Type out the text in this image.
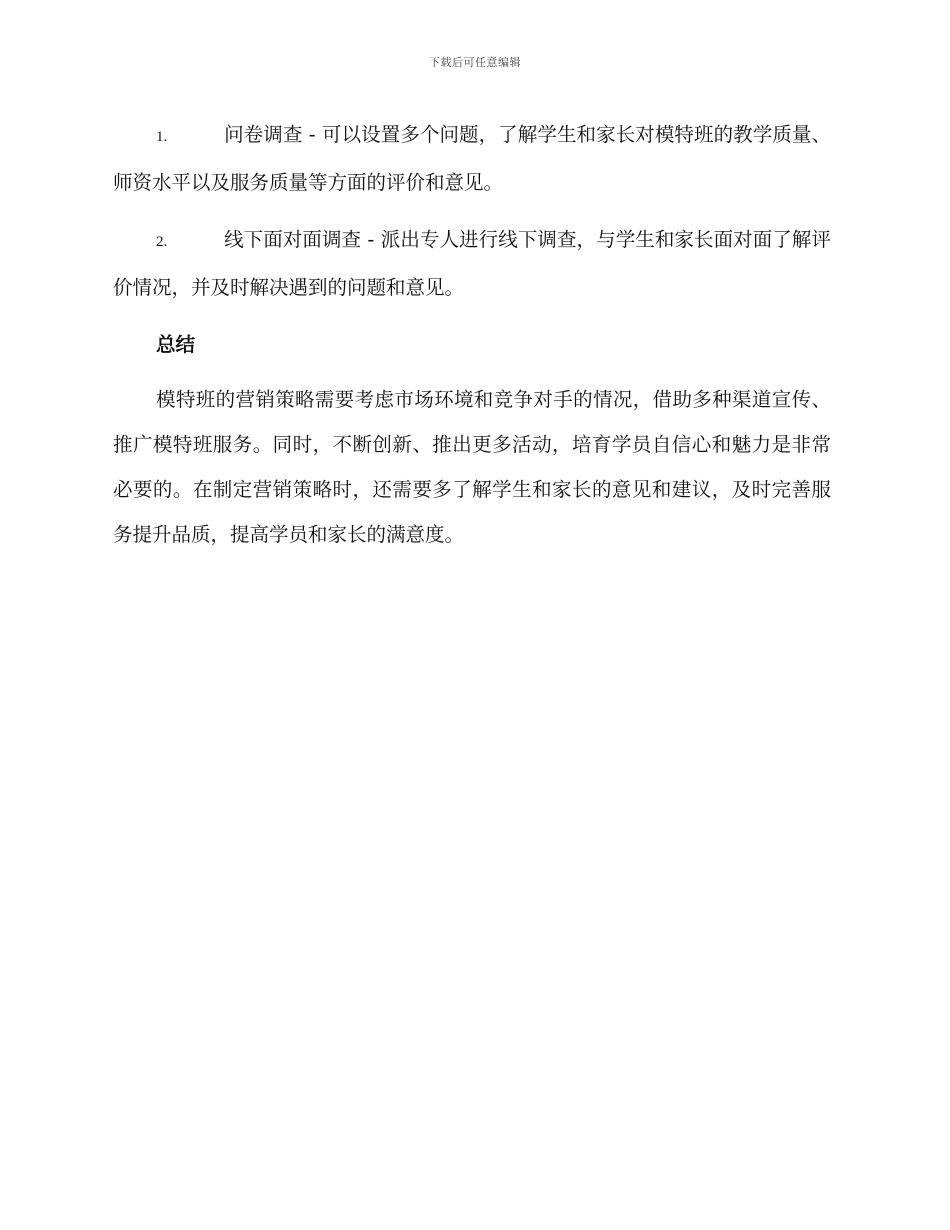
下载后可任意编辑

1.	问卷调查 - 可以设置多个问题，了解学生和家长对模特班的教学质量、师资水平以及服务质量等方面的评价和意见。

2.	线下面对面调查 - 派出专人进行线下调查，与学生和家长面对面了解评价情况，并及时解决遇到的问题和意见。

总结

模特班的营销策略需要考虑市场环境和竞争对手的情况，借助多种渠道宣传、推广模特班服务。同时，不断创新、推出更多活动，培育学员自信心和魅力是非常必要的。在制定营销策略时，还需要多了解学生和家长的意见和建议，及时完善服务提升品质，提高学员和家长的满意度。
